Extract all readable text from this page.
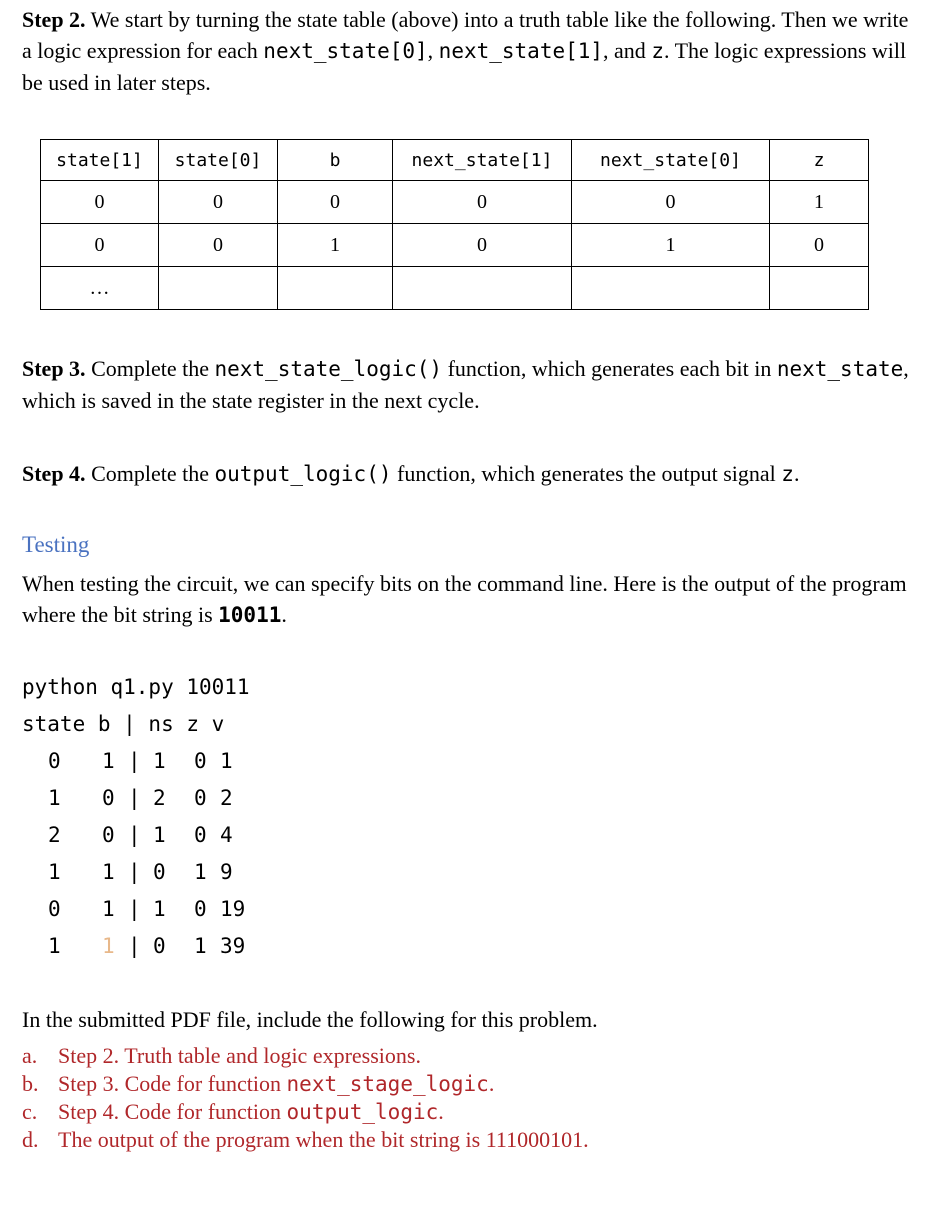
Step 2. We start by turning the state table (above) into a truth table like the following. Then we write a logic expression for each next_state[0], next_state[1], and z. The logic expressions will be used in later steps.
state[1]	state[0]	b	next_state[1]	next_state[0]	z
0	0	0	0	0	1
0	0	1	0	1	0
…					
Step 3. Complete the next_state_logic() function, which generates each bit in next_state, which is saved in the state register in the next cycle.
Step 4. Complete the output_logic() function, which generates the output signal z.
Testing
When testing the circuit, we can specify bits on the command line. Here is the output of the program where the bit string is 10011.
python q1.py 10011
state b | ns z v
0 1 | 1 0 1
1 0 | 2 0 2
2 0 | 1 0 4
1 1 | 0 1 9
0 1 | 1 0 19
1 1 | 0 1 39
In the submitted PDF file, include the following for this problem.
a. Step 2. Truth table and logic expressions.
b. Step 3. Code for function next_stage_logic.
c. Step 4. Code for function output_logic.
d. The output of the program when the bit string is 111000101.
